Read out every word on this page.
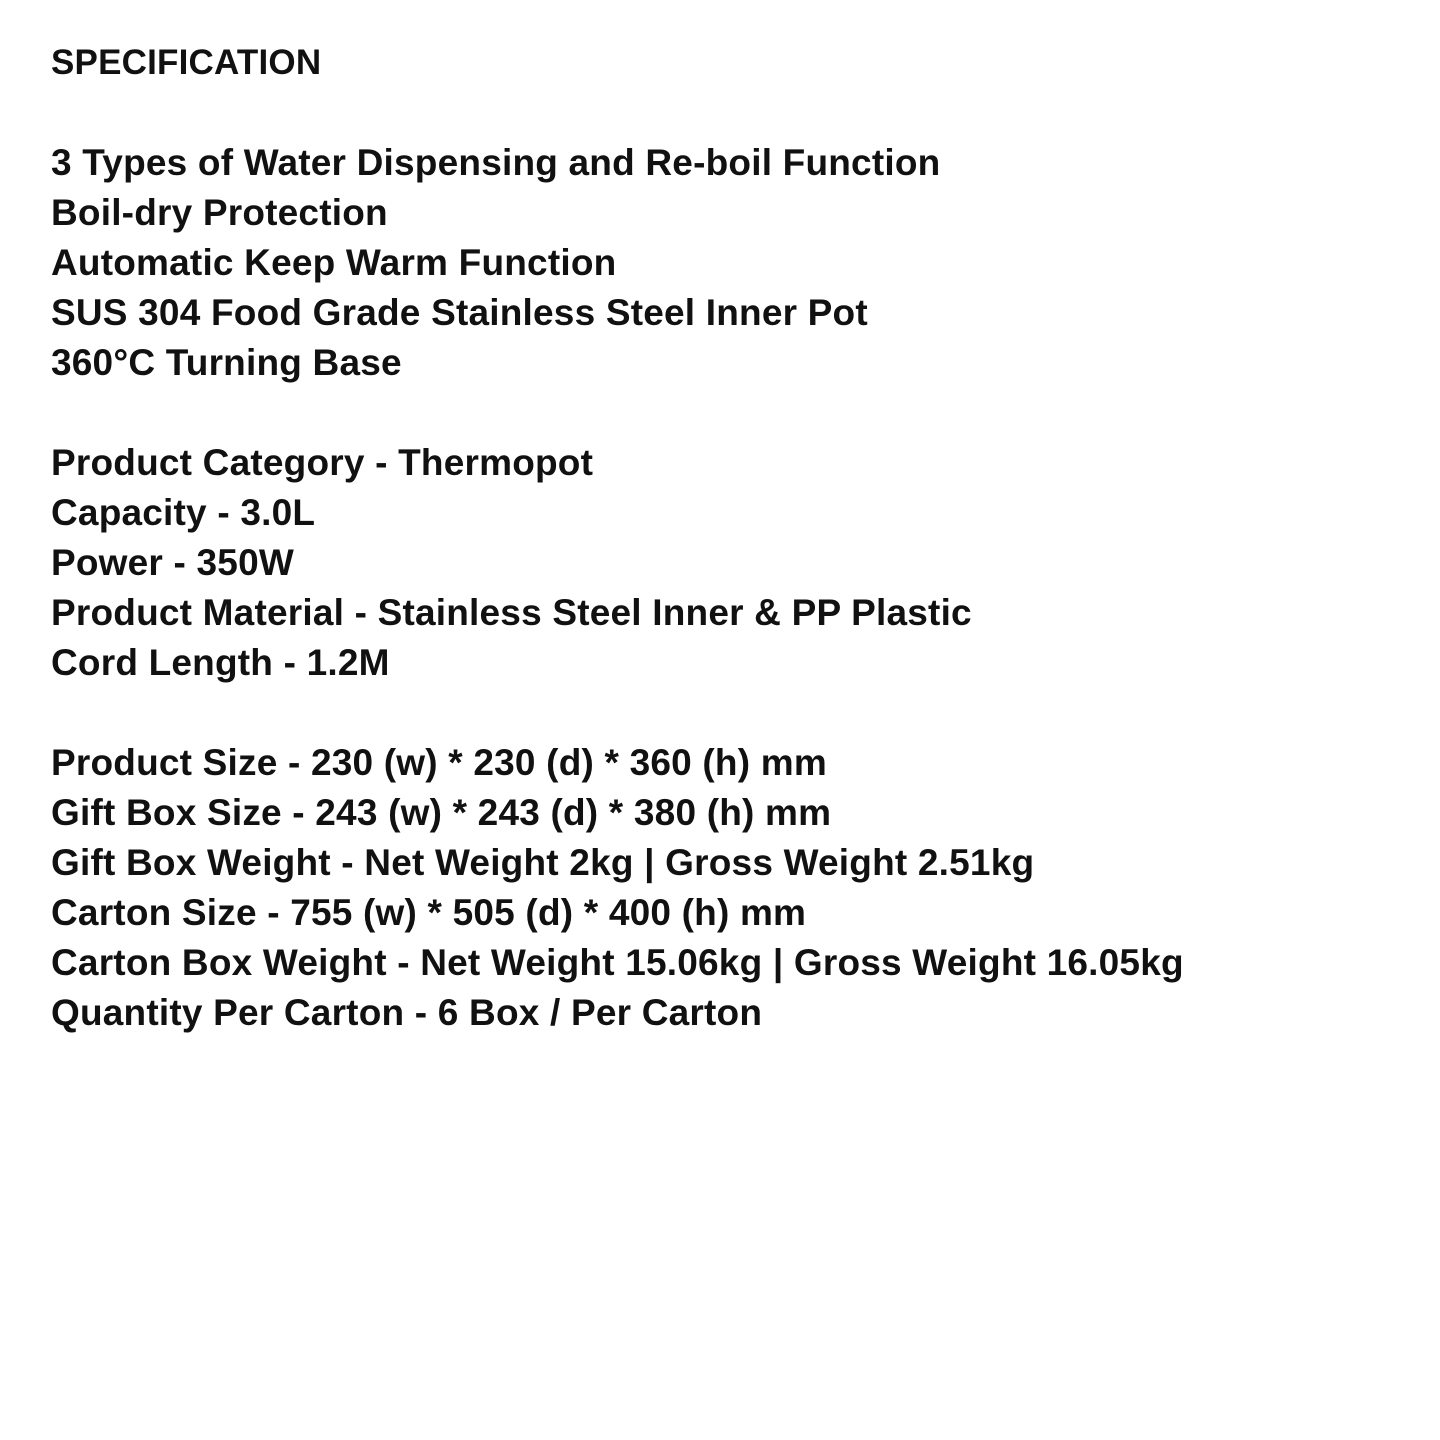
SPECIFICATION
3 Types of Water Dispensing and Re-boil Function
Boil-dry Protection
Automatic Keep Warm Function
SUS 304 Food Grade Stainless Steel Inner Pot
360°C Turning Base
Product Category - Thermopot
Capacity - 3.0L
Power - 350W
Product Material - Stainless Steel Inner & PP Plastic
Cord Length - 1.2M
Product Size - 230 (w) * 230 (d) * 360 (h) mm
Gift Box Size - 243 (w) * 243 (d) * 380 (h) mm
Gift Box Weight - Net Weight 2kg | Gross Weight 2.51kg
Carton Size - 755 (w) * 505 (d) * 400 (h) mm
Carton Box Weight - Net Weight 15.06kg | Gross Weight 16.05kg
Quantity Per Carton - 6 Box / Per Carton
